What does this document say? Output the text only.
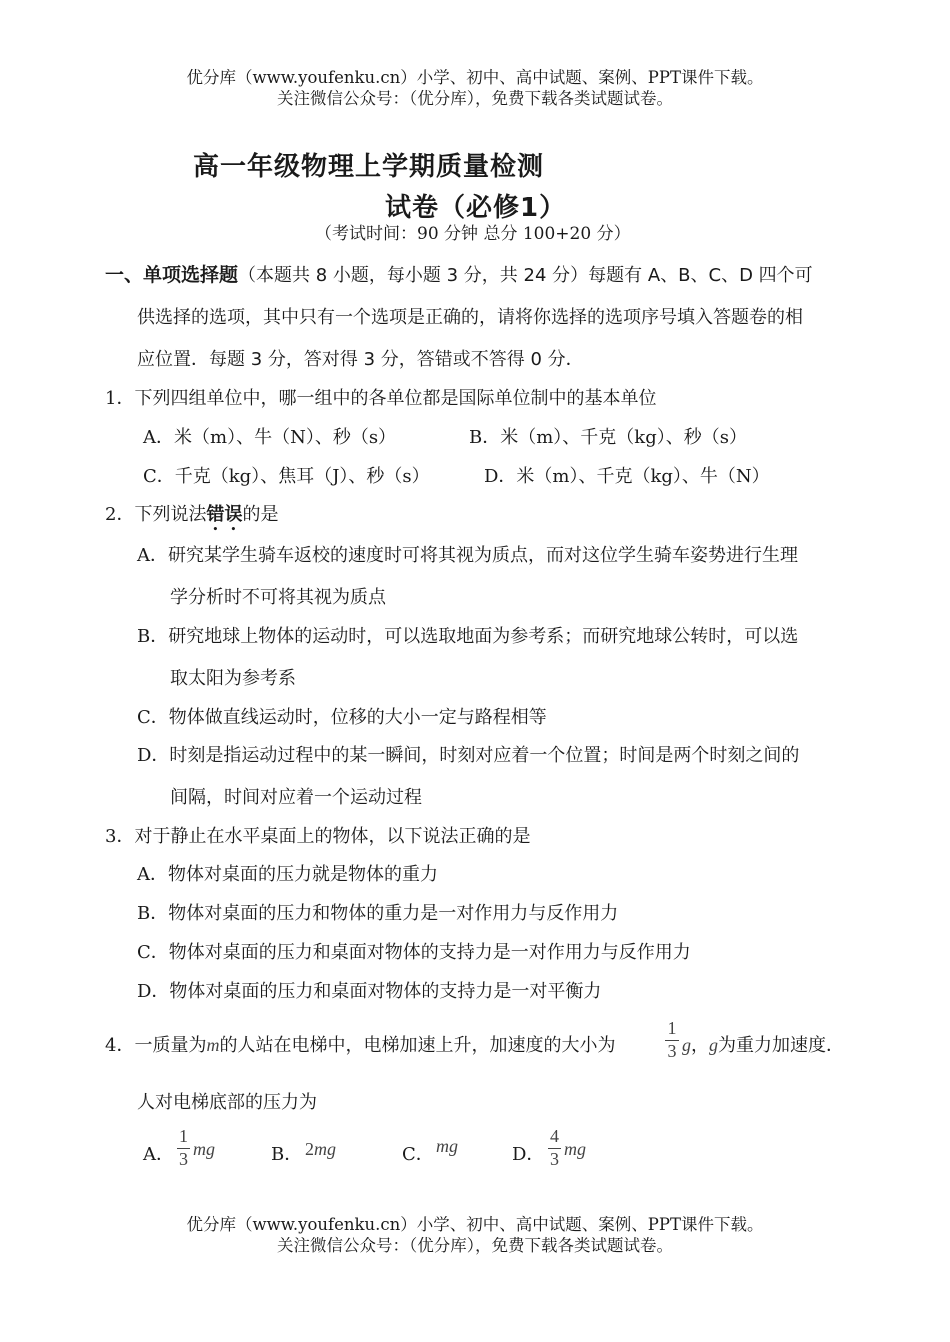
优分库（www.youfenku.cn）小学、初中、高中试题、案例、PPT课件下载。
关注微信公众号：（优分库），免费下载各类试题试卷。
高一年级物理上学期质量检测
试卷（必修1）
（考试时间：90 分钟 总分 100+20 分）
一、单项选择题（本题共 8 小题，每小题 3 分，共 24 分）每题有 A、B、C、D 四个可
供选择的选项，其中只有一个选项是正确的，请将你选择的选项序号填入答题卷的相
应位置．每题 3 分，答对得 3 分，答错或不答得 0 分．
1．下列四组单位中，哪一组中的各单位都是国际单位制中的基本单位
A．米（m）、牛（N）、秒（s）	B．米（m）、千克（kg）、秒（s）
C．千克（kg）、焦耳（J）、秒（s）	D．米（m）、千克（kg）、牛（N）
2．下列说法错误的是
A．研究某学生骑车返校的速度时可将其视为质点，而对这位学生骑车姿势进行生理
学分析时不可将其视为质点
B．研究地球上物体的运动时，可以选取地面为参考系；而研究地球公转时，可以选
取太阳为参考系
C．物体做直线运动时，位移的大小一定与路程相等
D．时刻是指运动过程中的某一瞬间，时刻对应着一个位置；时间是两个时刻之间的
间隔，时间对应着一个运动过程
3．对于静止在水平桌面上的物体，以下说法正确的是
A．物体对桌面的压力就是物体的重力
B．物体对桌面的压力和物体的重力是一对作用力与反作用力
C．物体对桌面的压力和桌面对物体的支持力是一对作用力与反作用力
D．物体对桌面的压力和桌面对物体的支持力是一对平衡力
4．一质量为m的人站在电梯中，电梯加速上升，加速度的大小为
1
3 g，g为重力加速度．
人对电梯底部的压力为
A．
1
3 mg	B． 2mg	C． mg	D．
4
3 mg
优分库（www.youfenku.cn）小学、初中、高中试题、案例、PPT课件下载。
关注微信公众号：（优分库），免费下载各类试题试卷。
